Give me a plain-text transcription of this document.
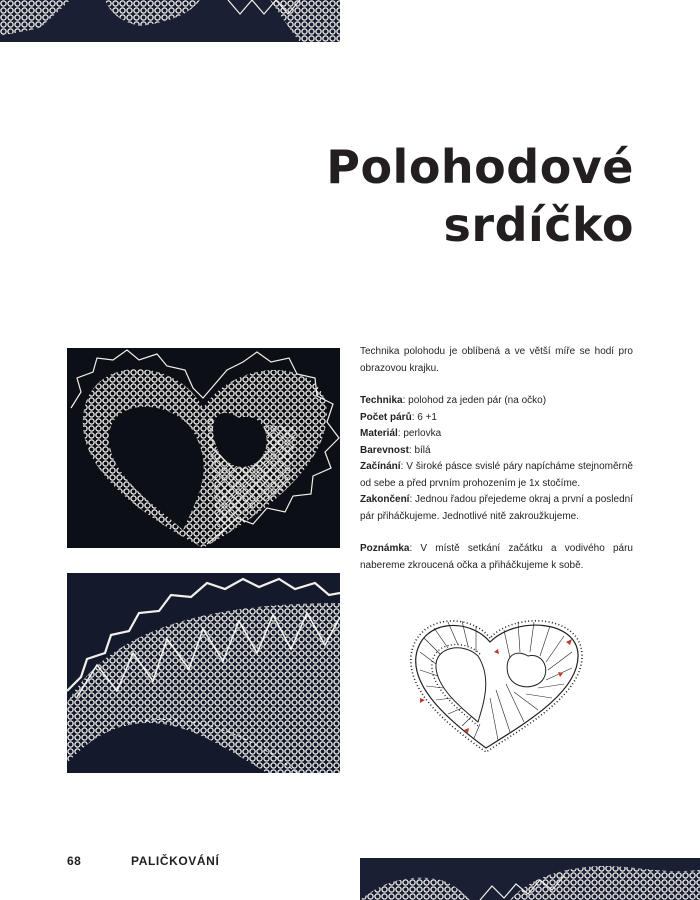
Polohodové
srdíčko

Technika polohodu je oblíbená a ve větší míře se hodí pro obrazovou krajku.

Technika: polohod za jeden pár (na očko)

Počet párů: 6 +1

Materiál: perlovka

Barevnost: bílá

Začínání: V široké pásce svislé páry napícháme stejnoměrně od sebe a před prvním prohozením je 1x stočíme.

Zakončení: Jednou řadou přejedeme okraj a první a poslední pár přiháčkujeme. Jednotlivé nitě zakroužkujeme.

Poznámka: V místě setkání začátku a vodivého páru nabereme zkroucená očka a přiháčkujeme k sobě.

68	PALIČKOVÁNÍ
